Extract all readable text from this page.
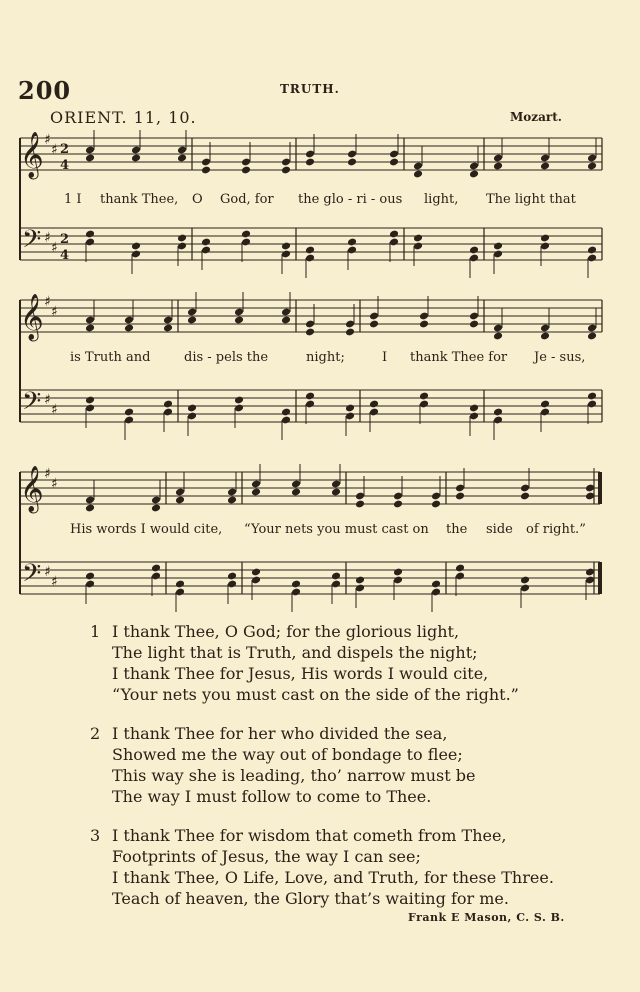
200	TRUTH.
ORIENT. 11, 10.	Mozart.
𝄞 ♯
♯ 2
4
𝄢 ♯
♯
2
4
1 I thank Thee, O God, for the glo - ri - ous light, The light that
𝄞 ♯
♯
𝄢 ♯
♯
is Truth and	dis - pels the	night;	I thank Thee for Je - sus,
𝄞 ♯
♯
𝄢 ♯
♯
His words I would cite, “Your nets you must cast on the side of right.”
1 I thank Thee, O God; for the glorious light,
The light that is Truth, and dispels the night;
I thank Thee for Jesus, His words I would cite,
“Your nets you must cast on the side of the right.”
2 I thank Thee for her who divided the sea,
Showed me the way out of bondage to flee;
This way she is leading, tho’ narrow must be
The way I must follow to come to Thee.
3 I thank Thee for wisdom that cometh from Thee,
Footprints of Jesus, the way I can see;
I thank Thee, O Life, Love, and Truth, for these Three.
Teach of heaven, the Glory that’s waiting for me.
Frank E Mason, C. S. B.
